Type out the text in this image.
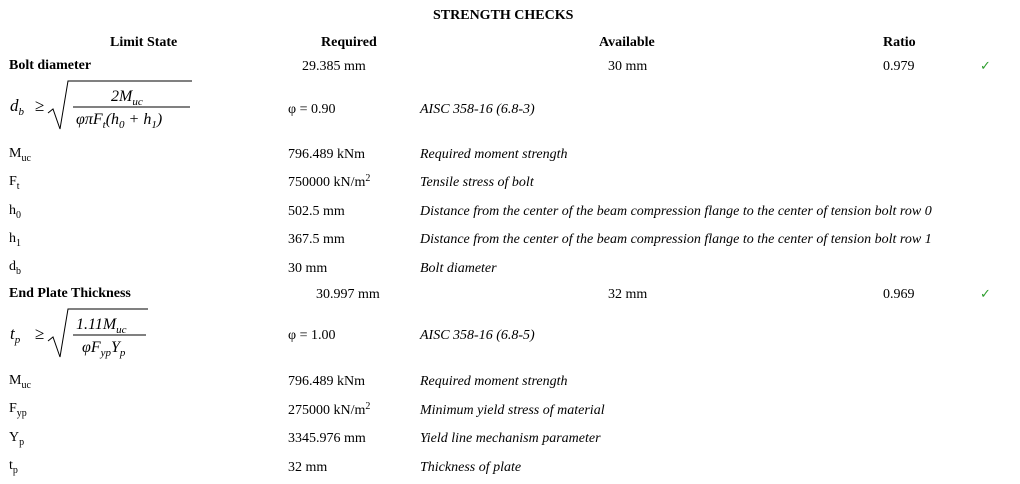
STRENGTH CHECKS
Limit State	Required	Available	Ratio
Bolt diameter	29.385 mm	30 mm	0.979	✓
$d_b$ ≥	$2M_{uc}$
$\varphi\pi F_t(h_0 + h_1)$
φ = 0.90	AISC 358-16 (6.8-3)
$M_{uc}$	796.489 kNm	Required moment strength
$F_t$	750000 $kN/m^2$	Tensile stress of bolt
$h_0$	502.5 mm	Distance from the center of the beam compression flange to the center of tension bolt row 0
$h_1$	367.5 mm	Distance from the center of the beam compression flange to the center of tension bolt row 1
$d_b$	30 mm	Bolt diameter
End Plate Thickness	30.997 mm	32 mm	0.969	✓
$t_p \ge 1.11M_{uc}$
$\varphi F_{yp}Y_p$
φ = 1.00	AISC 358-16 (6.8-5)
$M_{uc}$	796.489 kNm	Required moment strength
$F_{yp}$	275000 $kN/m^2$	Minimum yield stress of material
$Y_p$	3345.976 mm	Yield line mechanism parameter
$t_p$	32 mm	Thickness of plate
